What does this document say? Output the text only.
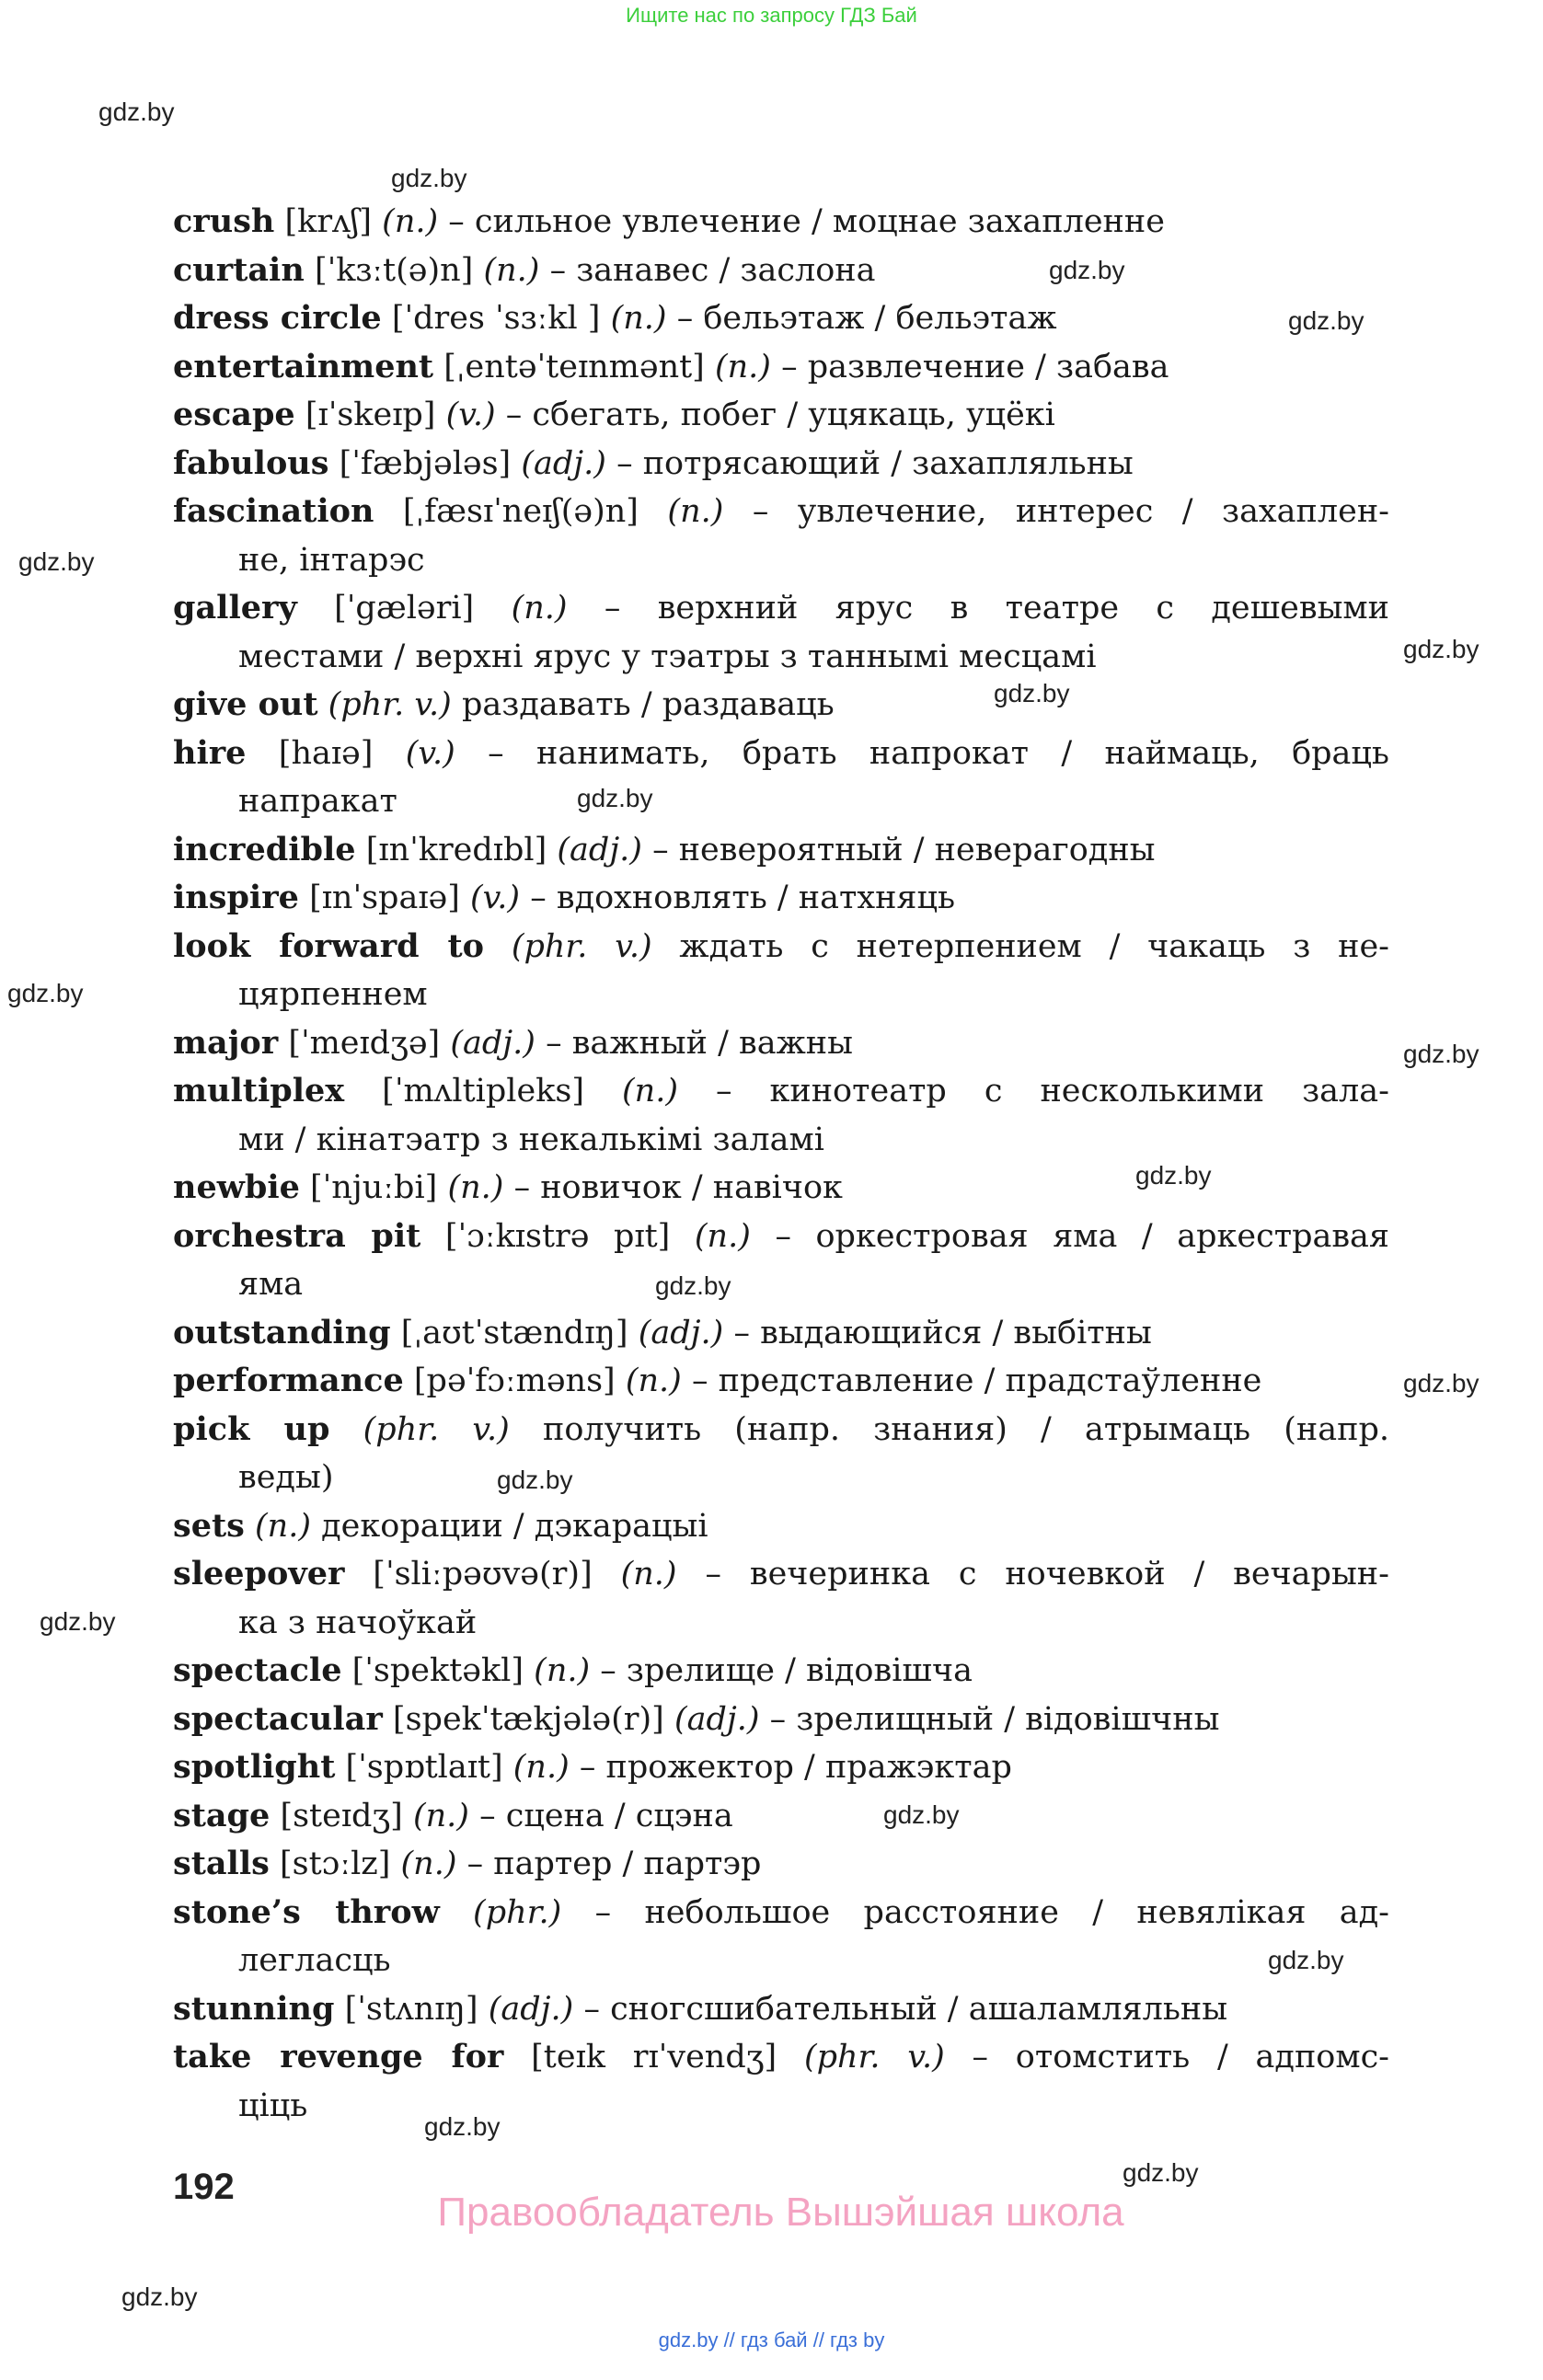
Ищите нас по запросу ГДЗ Бай
gdz.by
gdz.by
gdz.by
gdz.by
gdz.by
gdz.by
gdz.by
gdz.by
gdz.by
gdz.by
gdz.by
gdz.by
gdz.by
gdz.by
gdz.by
gdz.by
gdz.by
gdz.by
gdz.by
gdz.by
crush [krʌʃ] (n.) – сильное увлечение / моцнае захапленне
curtain [ˈkɜːt(ə)n] (n.) – занавес / заслона
dress circle [ˈdres ˈsɜːkl ] (n.) – бельэтаж / бельэтаж
entertainment [ˌentəˈteɪnmənt] (n.) – развлечение / забава
escape [ɪˈskeɪp] (v.) – сбегать, побег / уцякаць, уцёкі
fabulous [ˈfæbjələs] (adj.) – потрясающий / захапляльны
fascination [ˌfæsɪˈneɪʃ(ə)n] (n.) – увлечение, интерес / захаплен-
не, інтарэс
gallery [ˈgæləri] (n.) – верхний ярус в театре с дешевыми
местами / верхні ярус у тэатры з таннымі месцамі
give out (phr. v.) раздавать / раздаваць
hire [haɪə] (v.) – нанимать, брать напрокат / наймаць, браць
напракат
incredible [ɪnˈkredɪbl] (adj.) – невероятный / неверагодны
inspire [ɪnˈspaɪə] (v.) – вдохновлять / натхняць
look forward to (phr. v.) ждать с нетерпением / чакаць з не-
цярпеннем
major [ˈmeɪdʒə] (adj.) – важный / важны
multiplex [ˈmʌltipleks] (n.) – кинотеатр с несколькими зала-
ми / кінатэатр з некалькімі заламі
newbie [ˈnjuːbi] (n.) – новичок / навічок
orchestra pit [ˈɔːkɪstrə pɪt] (n.) – оркестровая яма / аркестравая
яма
outstanding [ˌaʊtˈstændɪŋ] (adj.) – выдающийся / выбітны
performance [pəˈfɔːməns] (n.) – представление / прадстаўленне
pick up (phr. v.) получить (напр. знания) / атрымаць (напр.
веды)
sets (n.) декорации / дэкарацыі
sleepover [ˈsliːpəʊvə(r)] (n.) – вечеринка с ночевкой / вечарын-
ка з начоўкай
spectacle [ˈspektəkl] (n.) – зрелище / відовішча
spectacular [spekˈtækjələ(r)] (adj.) – зрелищный / відовішчны
spotlight [ˈspɒtlaɪt] (n.) – прожектор / пражэктар
stage [steɪdʒ] (n.) – сцена / сцэна
stalls [stɔːlz] (n.) – партер / партэр
stone’s throw (phr.) – небольшое расстояние / невялікая ад-
легласць
stunning [ˈstʌnɪŋ] (adj.) – сногсшибательный / ашаламляльны
take revenge for [teɪk rɪˈvendʒ] (phr. v.) – отомстить / адпомс-
ціць
192
Правообладатель Вышэйшая школа
gdz.by // гдз бай // гдз by
